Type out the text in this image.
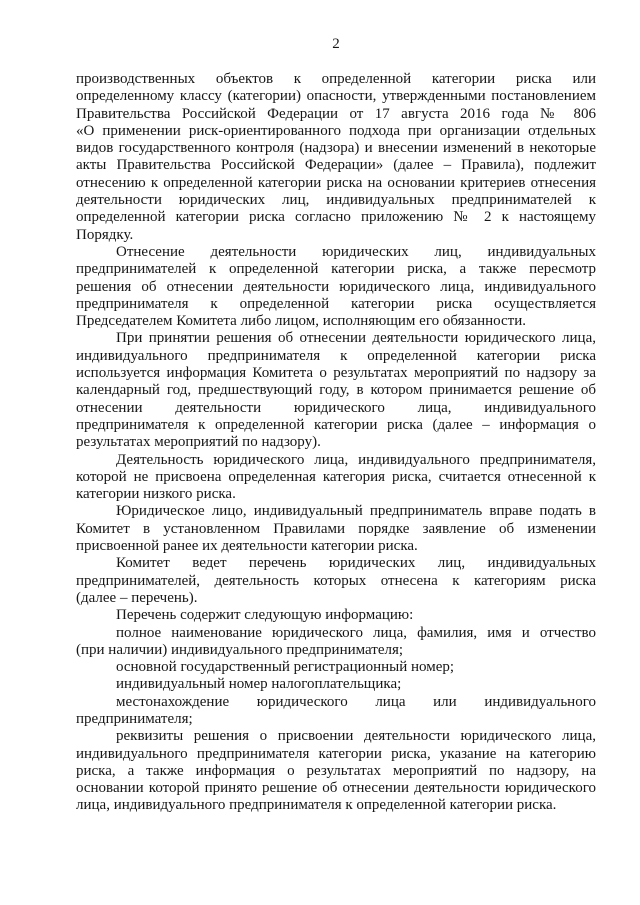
2
производственных объектов к определенной категории риска или
определенному классу (категории) опасности, утвержденными постановлением
Правительства Российской Федерации от 17 августа 2016 года № 806
«О применении риск-ориентированного подхода при организации отдельных
видов государственного контроля (надзора) и внесении изменений в некоторые
акты Правительства Российской Федерации» (далее – Правила), подлежит
отнесению к определенной категории риска на основании критериев отнесения
деятельности юридических лиц, индивидуальных предпринимателей к
определенной категории риска согласно приложению № 2 к настоящему
Порядку.
Отнесение деятельности юридических лиц, индивидуальных
предпринимателей к определенной категории риска, а также пересмотр
решения об отнесении деятельности юридического лица, индивидуального
предпринимателя к определенной категории риска осуществляется
Председателем Комитета либо лицом, исполняющим его обязанности.
При принятии решения об отнесении деятельности юридического лица,
индивидуального предпринимателя к определенной категории риска
используется информация Комитета о результатах мероприятий по надзору за
календарный год, предшествующий году, в котором принимается решение об
отнесении деятельности юридического лица, индивидуального
предпринимателя к определенной категории риска (далее – информация о
результатах мероприятий по надзору).
Деятельность юридического лица, индивидуального предпринимателя,
которой не присвоена определенная категория риска, считается отнесенной к
категории низкого риска.
Юридическое лицо, индивидуальный предприниматель вправе подать в
Комитет в установленном Правилами порядке заявление об изменении
присвоенной ранее их деятельности категории риска.
Комитет ведет перечень юридических лиц, индивидуальных
предпринимателей, деятельность которых отнесена к категориям риска
(далее – перечень).
Перечень содержит следующую информацию:
полное наименование юридического лица, фамилия, имя и отчество
(при наличии) индивидуального предпринимателя;
основной государственный регистрационный номер;
индивидуальный номер налогоплательщика;
местонахождение юридического лица или индивидуального
предпринимателя;
реквизиты решения о присвоении деятельности юридического лица,
индивидуального предпринимателя категории риска, указание на категорию
риска, а также информация о результатах мероприятий по надзору, на
основании которой принято решение об отнесении деятельности юридического
лица, индивидуального предпринимателя к определенной категории риска.
